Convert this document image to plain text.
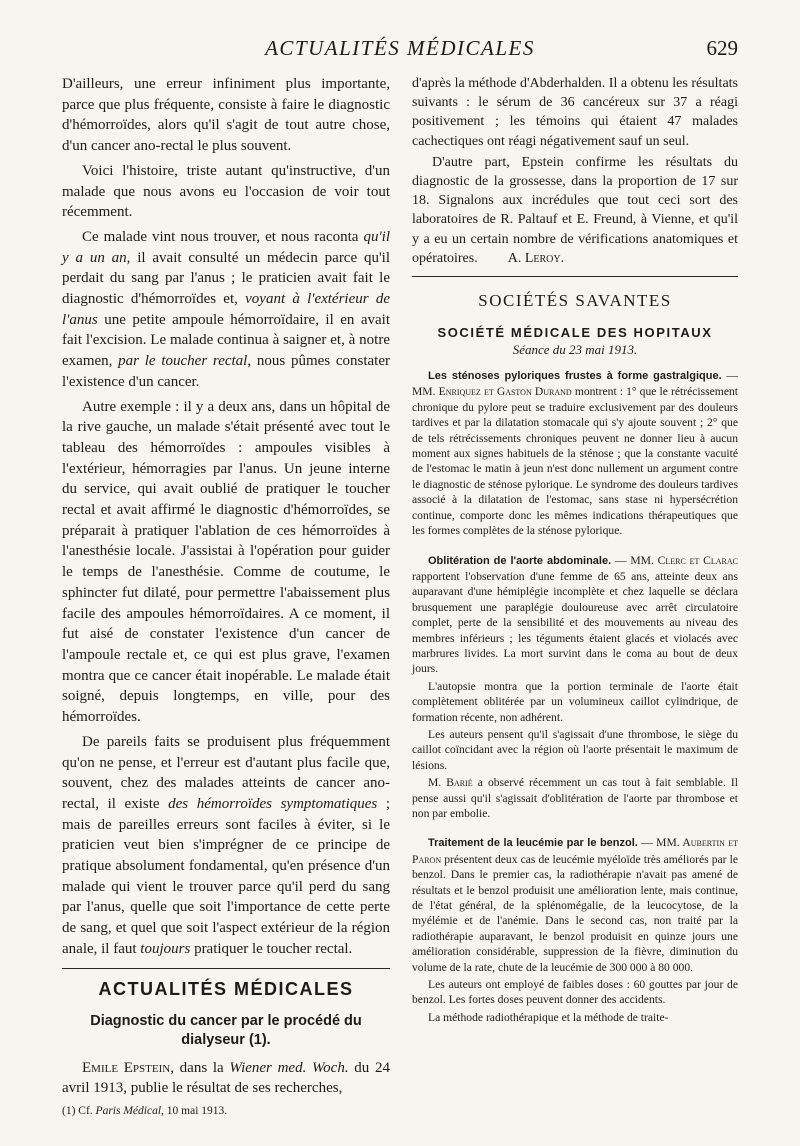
ACTUALITÉS MÉDICALES	629

D'ailleurs, une erreur infiniment plus importante, parce que plus fréquente, consiste à faire le diagnostic d'hémorroïdes, alors qu'il s'agit de tout autre chose, d'un cancer ano-rectal le plus souvent.

Voici l'histoire, triste autant qu'instructive, d'un malade que nous avons eu l'occasion de voir tout récemment.

Ce malade vint nous trouver, et nous raconta qu'il y a un an, il avait consulté un médecin parce qu'il perdait du sang par l'anus ; le praticien avait fait le diagnostic d'hémorroïdes et, voyant à l'extérieur de l'anus une petite ampoule hémorroïdaire, il en avait fait l'excision. Le malade continua à saigner et, à notre examen, par le toucher rectal, nous pûmes constater l'existence d'un cancer.

Autre exemple : il y a deux ans, dans un hôpital de la rive gauche, un malade s'était présenté avec tout le tableau des hémorroïdes : ampoules visibles à l'extérieur, hémorragies par l'anus. Un jeune interne du service, qui avait oublié de pratiquer le toucher rectal et avait affirmé le diagnostic d'hémorroïdes, se préparait à pratiquer l'ablation de ces hémorroïdes à l'anesthésie locale. J'assistai à l'opération pour guider le temps de l'anesthésie. Comme de coutume, le sphincter fut dilaté, pour permettre l'abaissement plus facile des ampoules hémorroïdaires. A ce moment, il fut aisé de constater l'existence d'un cancer de l'ampoule rectale et, ce qui est plus grave, l'examen montra que ce cancer était inopérable. Le malade était soigné, depuis longtemps, en ville, pour des hémorroïdes.

De pareils faits se produisent plus fréquemment qu'on ne pense, et l'erreur est d'autant plus facile que, souvent, chez des malades atteints de cancer ano-rectal, il existe des hémorroïdes symptomatiques ; mais de pareilles erreurs sont faciles à éviter, si le praticien veut bien s'imprégner de ce principe de pratique absolument fondamental, qu'en présence d'un malade qui vient le trouver parce qu'il perd du sang par l'anus, quelle que soit l'importance de cette perte de sang, et quel que soit l'aspect extérieur de la région anale, il faut toujours pratiquer le toucher rectal.

ACTUALITÉS MÉDICALES
Diagnostic du cancer par le procédé du dialyseur (1).

Emile Epstein, dans la Wiener med. Woch. du 24 avril 1913, publie le résultat de ses recherches,

(1) Cf. Paris Médical, 10 mai 1913.

d'après la méthode d'Abderhalden. Il a obtenu les résultats suivants : le sérum de 36 cancéreux sur 37 a réagi positivement ; les témoins qui étaient 47 malades cachectiques ont réagi négativement sauf un seul.

D'autre part, Epstein confirme les résultats du diagnostic de la grossesse, dans la proportion de 17 sur 18. Signalons aux incrédules que tout ceci sort des laboratoires de R. Paltauf et E. Freund, à Vienne, et qu'il y a eu un certain nombre de vérifications anatomiques et opératoires. A. Leroy.

SOCIÉTÉS SAVANTES
SOCIÉTÉ MÉDICALE DES HOPITAUX
Séance du 23 mai 1913.

Les sténoses pyloriques frustes à forme gastralgique. — MM. Enriquez et Gaston Durand montrent : 1° que le rétrécissement chronique du pylore peut se traduire exclusivement par des douleurs tardives et par la dilatation stomacale qui s'y ajoute souvent ; 2° que de tels rétrécissements chroniques peuvent ne donner lieu à aucun moment aux signes habituels de la sténose ; que la constante vacuité de l'estomac le matin à jeun n'est donc nullement un argument contre le diagnostic de sténose pylorique. Le syndrome des douleurs tardives associé à la dilatation de l'estomac, sans stase ni hypersécrétion continue, comporte donc les mêmes indications thérapeutiques que les formes complètes de la sténose pylorique.

Oblitération de l'aorte abdominale. — MM. Clerc et Clarac rapportent l'observation d'une femme de 65 ans, atteinte deux ans auparavant d'une hémiplégie incomplète et chez laquelle se déclara brusquement une paraplégie douloureuse avec arrêt circulatoire complet, perte de la sensibilité et des mouvements au niveau des membres inférieurs ; les téguments étaient glacés et violacés avec marbrures livides. La mort survint dans le coma au bout de deux jours.

L'autopsie montra que la portion terminale de l'aorte était complètement oblitérée par un volumineux caillot cylindrique, de formation récente, non adhérent.

Les auteurs pensent qu'il s'agissait d'une thrombose, le siège du caillot coïncidant avec la région où l'aorte présentait le maximum de lésions.

M. Barié a observé récemment un cas tout à fait semblable. Il pense aussi qu'il s'agissait d'oblitération de l'aorte par thrombose et non par embolie.

Traitement de la leucémie par le benzol. — MM. Aubertin et Paron présentent deux cas de leucémie myéloïde très améliorés par le benzol. Dans le premier cas, la radiothérapie n'avait pas amené de résultats et le benzol produisit une amélioration lente, mais continue, de l'état général, de la splénomégalie, de la leucocytose, de la myélémie et de l'anémie. Dans le second cas, non traité par la radiothérapie auparavant, le benzol produisit en quinze jours une amélioration considérable, suppression de la fièvre, diminution du volume de la rate, chute de la leucémie de 300 000 à 80 000.

Les auteurs ont employé de faibles doses : 60 gouttes par jour de benzol. Les fortes doses peuvent donner des accidents.

La méthode radiothérapique et la méthode de traite-
